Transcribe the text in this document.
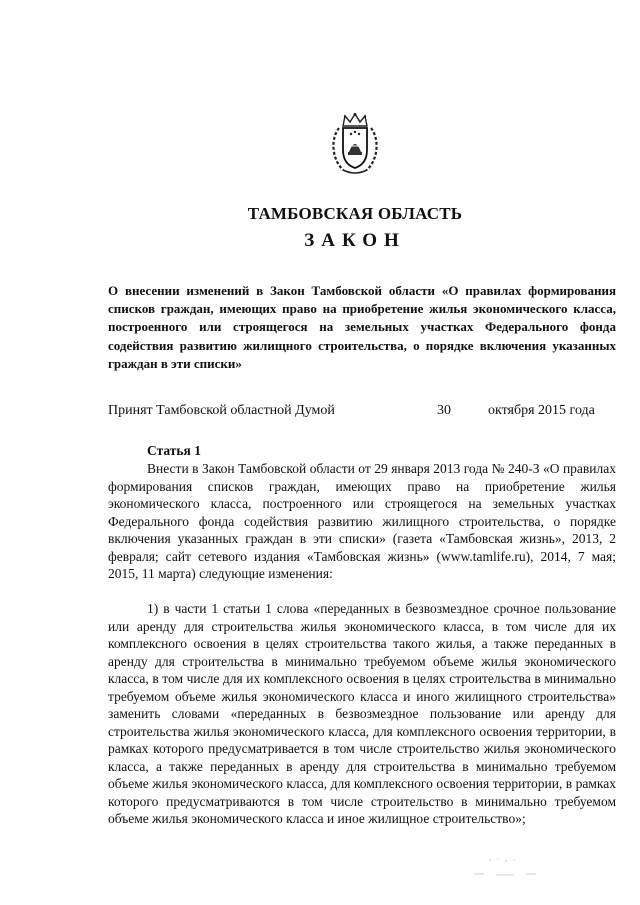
ТАМБОВСКАЯ ОБЛАСТЬ
ЗАКОН
О внесении изменений в Закон Тамбовской области «О правилах формирования списков граждан, имеющих право на приобретение жилья экономического класса, построенного или строящегося на земельных участках Федерального фонда содействия развитию жилищного строительства, о порядке включения указанных граждан в эти списки»
Принят Тамбовской областной Думой	30	октября 2015 года
Статья 1
Внести в Закон Тамбовской области от 29 января 2013 года № 240-З «О правилах формирования списков граждан, имеющих право на приобретение жилья экономического класса, построенного или строящегося на земельных участках Федерального фонда содействия развитию жилищного строительства, о порядке включения указанных граждан в эти списки» (газета «Тамбовская жизнь», 2013, 2 февраля; сайт сетевого издания «Тамбовская жизнь» (www.tamlife.ru), 2014, 7 мая; 2015, 11 марта) следующие изменения:
1) в части 1 статьи 1 слова «переданных в безвозмездное срочное пользование или аренду для строительства жилья экономического класса, в том числе для их комплексного освоения в целях строительства такого жилья, а также переданных в аренду для строительства в минимально требуемом объеме жилья экономического класса, в том числе для их комплексного освоения в целях строительства в минимально требуемом объеме жилья экономического класса и иного жилищного строительства» заменить словами «переданных в безвозмездное пользование или аренду для строительства жилья экономического класса, для комплексного освоения территории, в рамках которого предусматривается в том числе строительство жилья экономического класса, а также переданных в аренду для строительства в минимально требуемом объеме жилья экономического класса, для комплексного освоения территории, в рамках которого предусматриваются в том числе строительство в минимально требуемом объеме жилья экономического класса и иное жилищное строительство»;
